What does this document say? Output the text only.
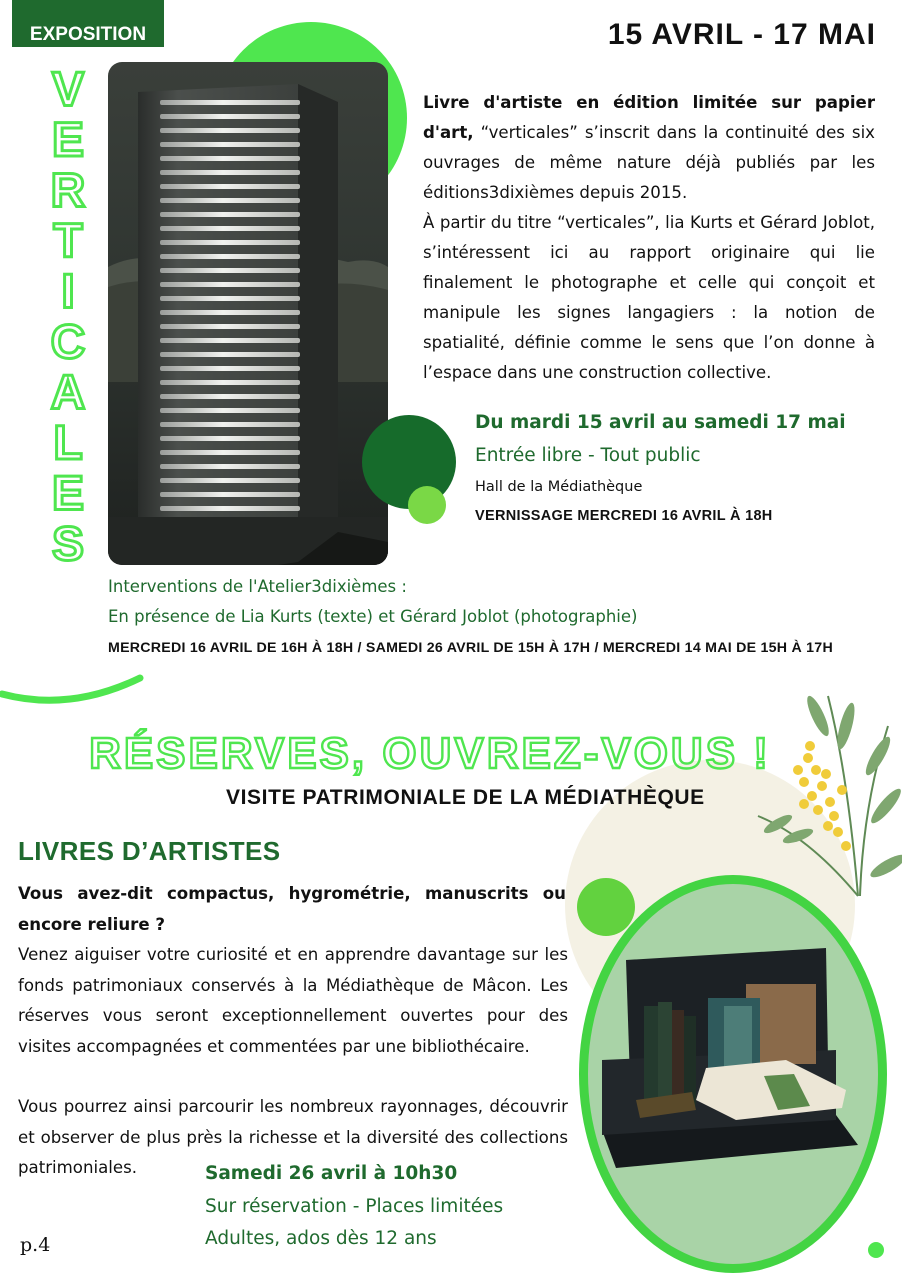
EXPOSITION	15 AVRIL - 17 MAI
V
E
R
T
I
C
A
L
E
S

Livre d'artiste en édition limitée sur papier d'art, “verticales” s’inscrit dans la continuité des six ouvrages de même nature déjà publiés par les éditions3dixièmes depuis 2015.

À partir du titre “verticales”, lia Kurts et Gérard Joblot, s’intéressent ici au rapport originaire qui lie finalement le photographe et celle qui conçoit et manipule les signes langagiers : la notion de spatialité, définie comme le sens que l’on donne à l’espace dans une construction collective.

Du mardi 15 avril au samedi 17 mai
Entrée libre - Tout public
Hall de la Médiathèque
VERNISSAGE MERCREDI 16 AVRIL À 18H
Interventions de l'Atelier3dixièmes :
En présence de Lia Kurts (texte) et Gérard Joblot (photographie)
MERCREDI 16 AVRIL DE 16H À 18H / SAMEDI 26 AVRIL DE 15H À 17H / MERCREDI 14 MAI DE 15H À 17H
RÉSERVES, OUVREZ-VOUS !
VISITE PATRIMONIALE DE LA MÉDIATHÈQUE
LIVRES D’ARTISTES

Vous avez-dit compactus, hygrométrie, manuscrits ou encore reliure ?

Venez aiguiser votre curiosité et en apprendre davantage sur les fonds patrimoniaux conservés à la Médiathèque de Mâcon. Les réserves vous seront exceptionnellement ouvertes pour des visites accompagnées et commentées par une bibliothécaire.

Vous pourrez ainsi parcourir les nombreux rayonnages, découvrir et observer de plus près la richesse et la diversité des collections patrimoniales.	Samedi 26 avril à 10h30
Sur réservation - Places limitées
Adultes, ados dès 12 ans
p.4
